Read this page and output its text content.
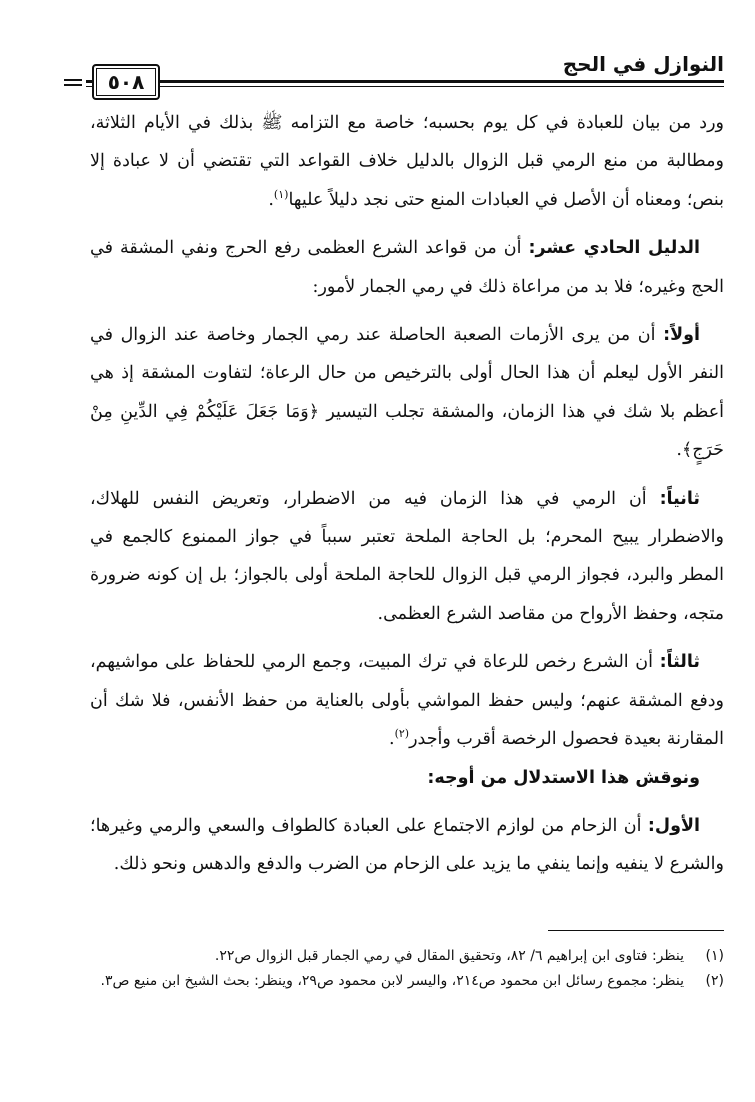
النوازل في الحج
٥٠٨

ورد من بيان للعبادة في كل يوم بحسبه؛ خاصة مع التزامه ﷺ بذلك في الأيام الثلاثة، ومطالبة من منع الرمي قبل الزوال بالدليل خلاف القواعد التي تقتضي أن لا عبادة إلا بنص؛ ومعناه أن الأصل في العبادات المنع حتى نجد دليلاً عليها$^{(١)}$.

الدليل الحادي عشر: أن من قواعد الشرع العظمى رفع الحرج ونفي المشقة في الحج وغيره؛ فلا بد من مراعاة ذلك في رمي الجمار لأمور:

أولاً: أن من يرى الأزمات الصعبة الحاصلة عند رمي الجمار وخاصة عند الزوال في النفر الأول ليعلم أن هذا الحال أولى بالترخيص من حال الرعاة؛ لتفاوت المشقة إذ هي أعظم بلا شك في هذا الزمان، والمشقة تجلب التيسير ﴿وَمَا جَعَلَ عَلَيْكُمْ فِي الدِّينِ مِنْ حَرَجٍ﴾.

ثانياً: أن الرمي في هذا الزمان فيه من الاضطرار، وتعريض النفس للهلاك، والاضطرار يبيح المحرم؛ بل الحاجة الملحة تعتبر سبباً في جواز الممنوع كالجمع في المطر والبرد، فجواز الرمي قبل الزوال للحاجة الملحة أولى بالجواز؛ بل إن كونه ضرورة متجه، وحفظ الأرواح من مقاصد الشرع العظمى.

ثالثاً: أن الشرع رخص للرعاة في ترك المبيت، وجمع الرمي للحفاظ على مواشيهم، ودفع المشقة عنهم؛ وليس حفظ المواشي بأولى بالعناية من حفظ الأنفس، فلا شك أن المقارنة بعيدة فحصول الرخصة أقرب وأجدر$^{(٢)}$.

ونوقش هذا الاستدلال من أوجه:

الأول: أن الزحام من لوازم الاجتماع على العبادة كالطواف والسعي والرمي وغيرها؛ والشرع لا ينفيه وإنما ينفي ما يزيد على الزحام من الضرب والدفع والدهس ونحو ذلك.

(١)
ينظر: فتاوى ابن إبراهيم ٦/ ٨٢، وتحقيق المقال في رمي الجمار قبل الزوال ص٢٢.
(٢)
ينظر: مجموع رسائل ابن محمود ص٢١٤، واليسر لابن محمود ص٢٩، وينظر: بحث الشيخ ابن منيع ص٣.
